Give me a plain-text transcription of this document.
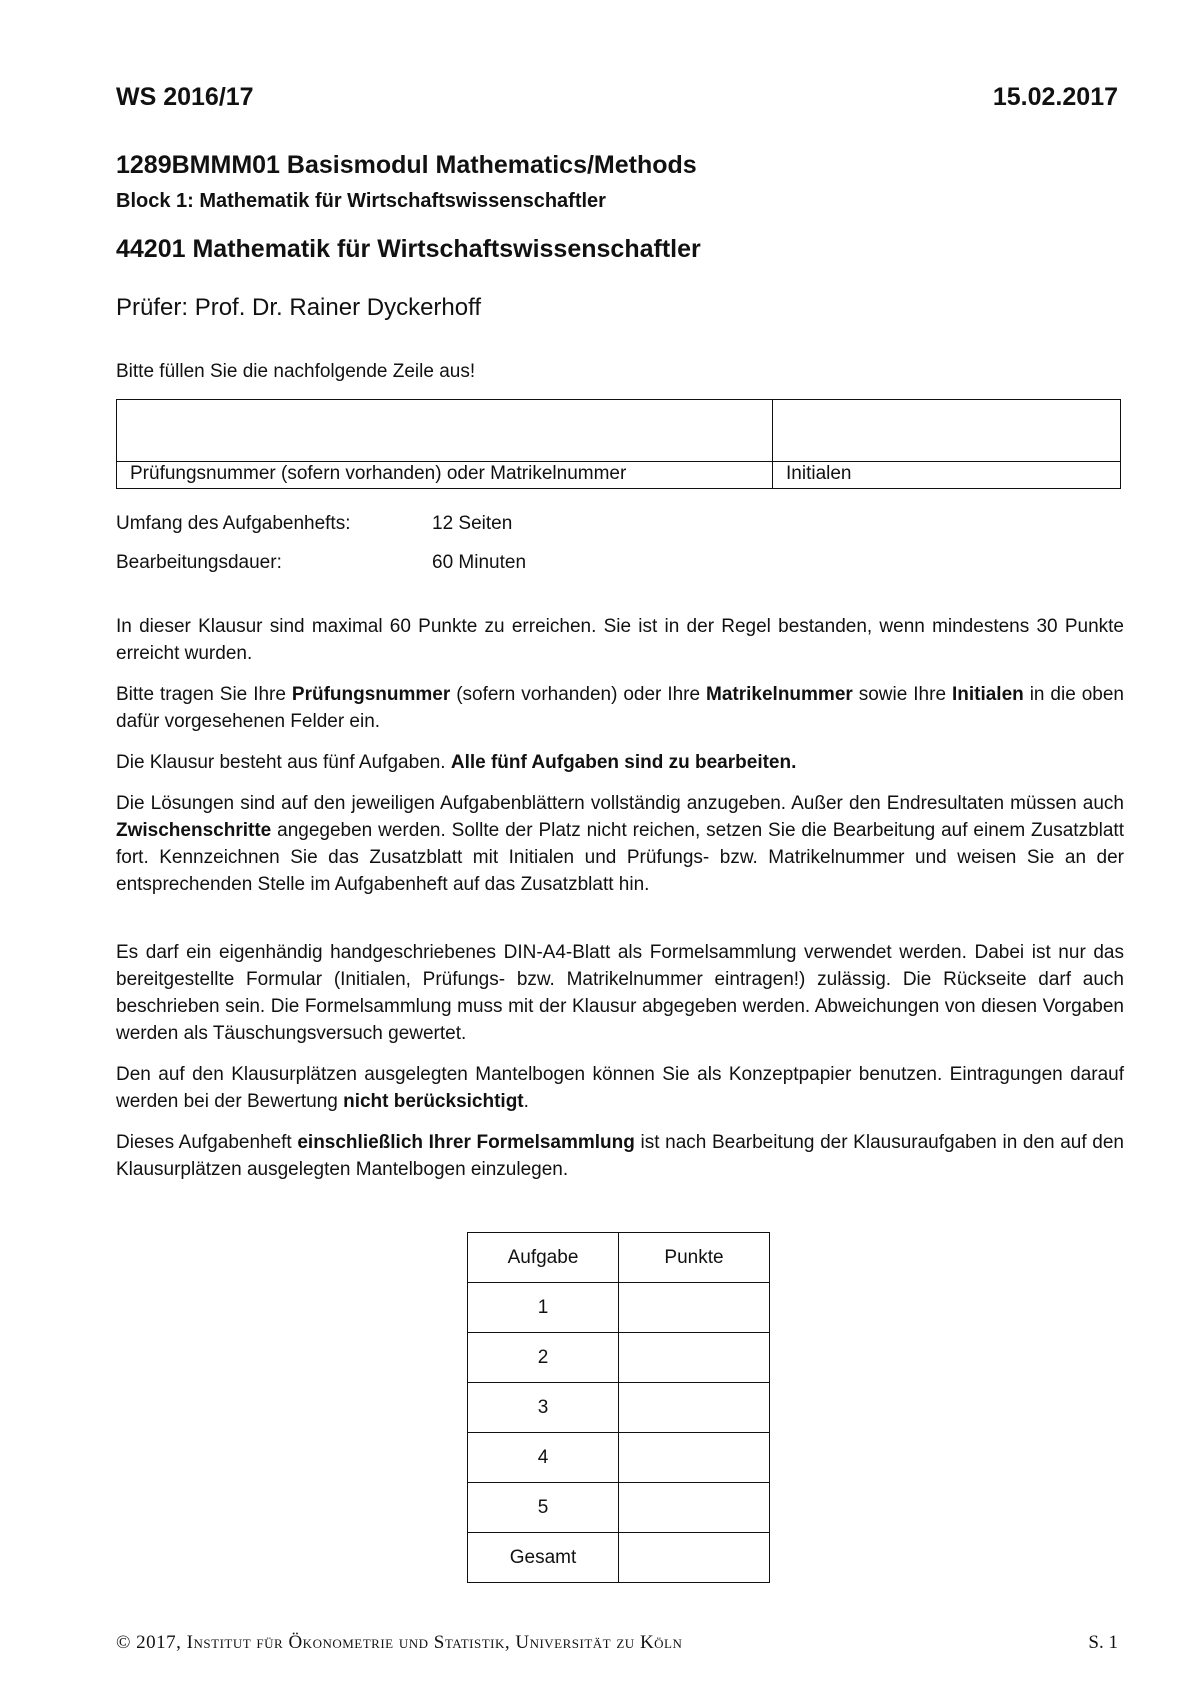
WS 2016/17	15.02.2017
1289BMMM01 Basismodul Mathematics/Methods
Block 1: Mathematik für Wirtschaftswissenschaftler
44201 Mathematik für Wirtschaftswissenschaftler
Prüfer: Prof. Dr. Rainer Dyckerhoff
Bitte füllen Sie die nachfolgende Zeile aus!
Prüfungsnummer (sofern vorhanden) oder Matrikelnummer	Initialen
Umfang des Aufgabenhefts:	12 Seiten
Bearbeitungsdauer:	60 Minuten

In dieser Klausur sind maximal 60 Punkte zu erreichen. Sie ist in der Regel bestanden, wenn mindestens 30 Punkte erreicht wurden.

Bitte tragen Sie Ihre Prüfungsnummer (sofern vorhanden) oder Ihre Matrikelnummer sowie Ihre Initialen in die oben dafür vorgesehenen Felder ein.

Die Klausur besteht aus fünf Aufgaben. Alle fünf Aufgaben sind zu bearbeiten.

Die Lösungen sind auf den jeweiligen Aufgabenblättern vollständig anzugeben. Außer den Endresultaten müssen auch Zwischenschritte angegeben werden. Sollte der Platz nicht reichen, setzen Sie die Bearbeitung auf einem Zusatzblatt fort. Kennzeichnen Sie das Zusatzblatt mit Initialen und Prüfungs- bzw. Matrikelnummer und weisen Sie an der entsprechenden Stelle im Aufgabenheft auf das Zusatzblatt hin.

Es darf ein eigenhändig handgeschriebenes DIN-A4-Blatt als Formelsammlung verwendet werden. Dabei ist nur das bereitgestellte Formular (Initialen, Prüfungs- bzw. Matrikelnummer eintragen!) zulässig. Die Rückseite darf auch beschrieben sein. Die Formelsammlung muss mit der Klausur abgegeben werden. Abweichungen von diesen Vorgaben werden als Täuschungsversuch gewertet.

Den auf den Klausurplätzen ausgelegten Mantelbogen können Sie als Konzeptpapier benutzen. Eintragungen darauf werden bei der Bewertung nicht berücksichtigt.

Dieses Aufgabenheft einschließlich Ihrer Formelsammlung ist nach Bearbeitung der Klausuraufgaben in den auf den Klausurplätzen ausgelegten Mantelbogen einzulegen.

Aufgabe	Punkte
1	
2	
3	
4	
5	
Gesamt	
© 2017, Institut für Ökonometrie und Statistik, Universität zu Köln	S. 1
